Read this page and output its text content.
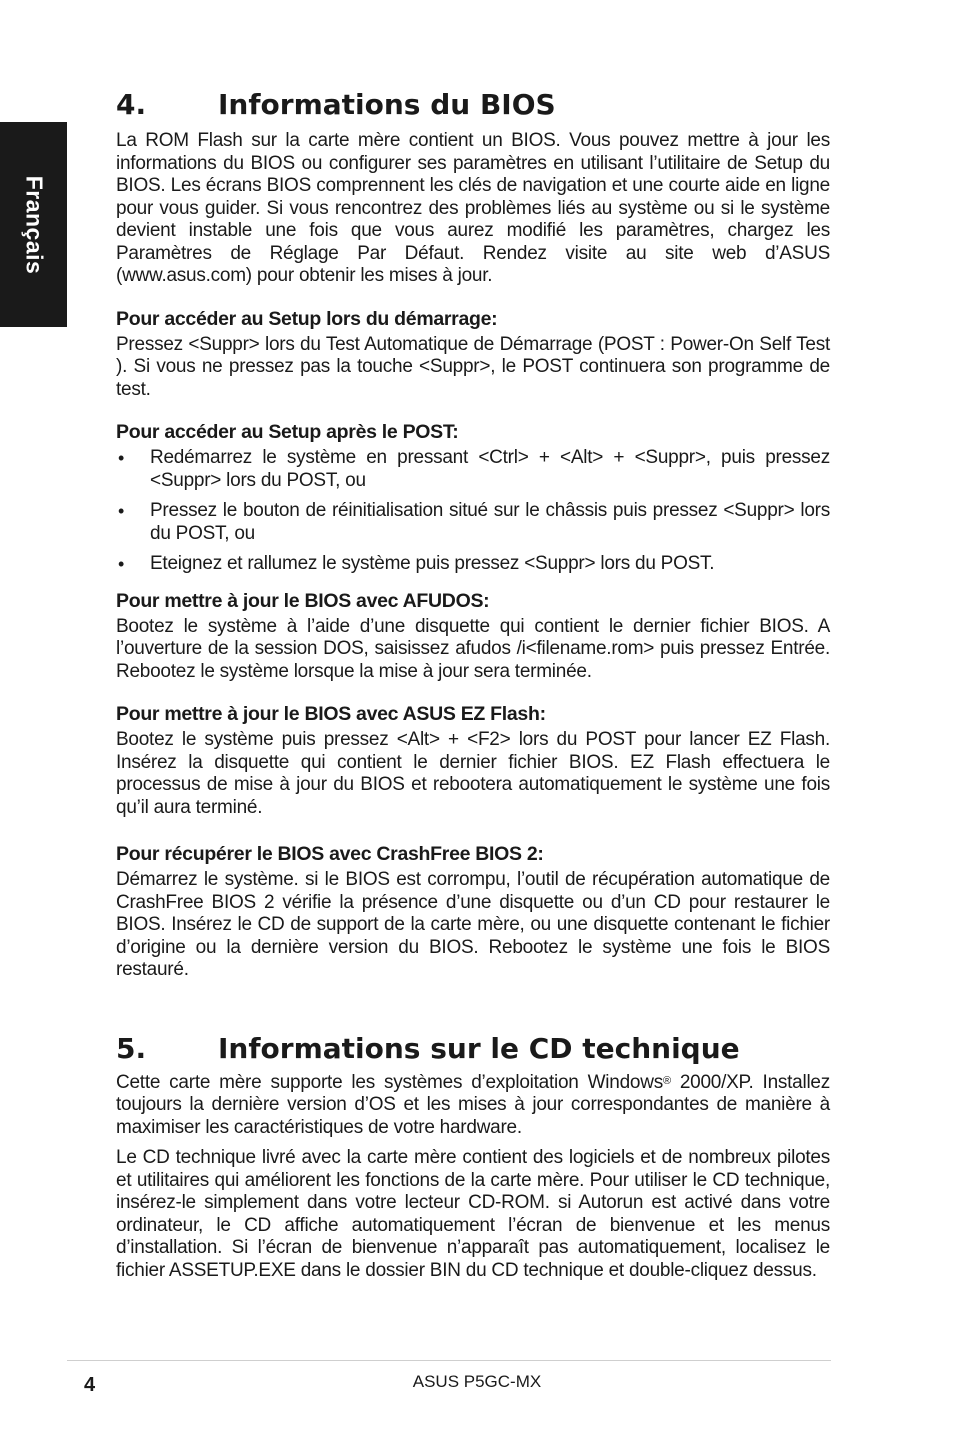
Français
4.	Informations du BIOS

La ROM Flash sur la carte mère contient un BIOS. Vous pouvez mettre à jour les informations du BIOS ou configurer ses paramètres en utilisant l’utilitaire de Setup du BIOS. Les écrans BIOS comprennent les clés de navigation et une courte aide en ligne pour vous guider. Si vous rencontrez des problèmes liés au système ou si le système devient instable une fois que vous aurez modifié les paramètres, chargez les Paramètres de Réglage Par Défaut. Rendez visite au site web d’ASUS (www.asus.com) pour obtenir les mises à jour.

Pour accéder au Setup lors du démarrage:

Pressez <Suppr> lors du Test Automatique de Démarrage (POST : Power-On Self Test ). Si vous ne pressez pas la touche <Suppr>, le POST continuera son programme de test.

Pour accéder au Setup après le POST:
• Redémarrez le système en pressant <Ctrl> + <Alt> + <Suppr>, puis pressez <Suppr> lors du POST, ou
• Pressez le bouton de réinitialisation situé sur le châssis puis pressez <Suppr> lors du POST, ou
• Eteignez et rallumez le système puis pressez <Suppr> lors du POST.
Pour mettre à jour le BIOS avec AFUDOS:

Bootez le système à l’aide d’une disquette qui contient le dernier fichier BIOS. A l’ouverture de la session DOS, saisissez afudos /i<filename.rom> puis pressez Entrée. Rebootez le système lorsque la mise à jour sera terminée.

Pour mettre à jour le BIOS avec ASUS EZ Flash:

Bootez le système puis pressez <Alt> + <F2> lors du POST pour lancer EZ Flash. Insérez la disquette qui contient le dernier fichier BIOS. EZ Flash effectuera le processus de mise à jour du BIOS et rebootera automatiquement le système une fois qu’il aura terminé.

Pour récupérer le BIOS avec CrashFree BIOS 2:

Démarrez le système. si le BIOS est corrompu, l’outil de récupération automatique de CrashFree BIOS 2 vérifie la présence d’une disquette ou d’un CD pour restaurer le BIOS. Insérez le CD de support de la carte mère, ou une disquette contenant le fichier d’origine ou la dernière version du BIOS. Rebootez le système une fois le BIOS restauré.

5.	Informations sur le CD technique

Cette carte mère supporte les systèmes d’exploitation Windows® 2000/XP. Installez toujours la dernière version d’OS et les mises à jour correspondantes de manière à maximiser les caractéristiques de votre hardware.

Le CD technique livré avec la carte mère contient des logiciels et de nombreux pilotes et utilitaires qui améliorent les fonctions de la carte mère. Pour utiliser le CD technique, insérez-le simplement dans votre lecteur CD-ROM. si Autorun est activé dans votre ordinateur, le CD affiche automatiquement l’écran de bienvenue et les menus d’installation. Si l’écran de bienvenue n’apparaît pas automatiquement, localisez le fichier ASSETUP.EXE dans le dossier BIN du CD technique et double-cliquez dessus.

4	ASUS P5GC-MX
